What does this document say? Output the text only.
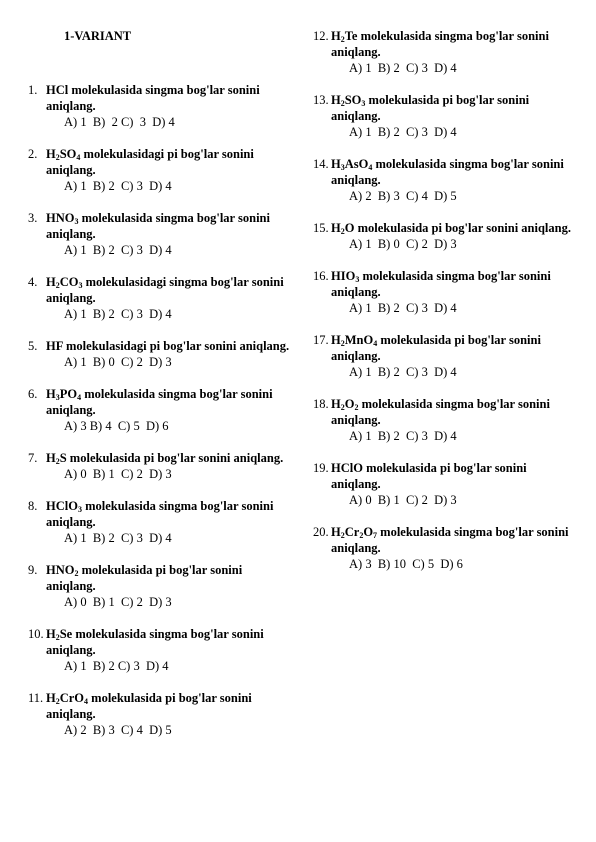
1-VARIANT
1. HCl molekulasida singma bog'lar sonini aniqlang.
A) 1  B)  2 C)  3  D) 4
2. $H_2SO_4$ molekulasidagi pi bog'lar sonini aniqlang.
A) 1  B) 2  C) 3  D) 4
3. $HNO_3$ molekulasida singma bog'lar sonini aniqlang.
A) 1  B) 2  C) 3  D) 4
4. $H_2CO_3$ molekulasidagi singma bog'lar sonini aniqlang.
A) 1  B) 2  C) 3  D) 4
5. HF molekulasidagi pi bog'lar sonini aniqlang.
A) 1  B) 0  C) 2  D) 3
6. $H_3PO_4$ molekulasida singma bog'lar sonini aniqlang.
A) 3 B) 4  C) 5  D) 6
7. $H_2S$ molekulasida pi bog'lar sonini aniqlang.
A) 0  B) 1  C) 2  D) 3
8. HClO$_3$ molekulasida singma bog'lar sonini aniqlang.
A) 1  B) 2  C) 3  D) 4
9. $HNO_2$ molekulasida pi bog'lar sonini aniqlang.
A) 0  B) 1  C) 2  D) 3
10. $H_2Se$ molekulasida singma bog'lar sonini aniqlang.
A) 1  B) 2 C) 3  D) 4
11. $H_2CrO_4$ molekulasida pi bog'lar sonini aniqlang.
A) 2  B) 3  C) 4  D) 5
12. $H_2Te$ molekulasida singma bog'lar sonini aniqlang.
A) 1  B) 2  C) 3  D) 4
13. $H_2SO_3$ molekulasida pi bog'lar sonini aniqlang.
A) 1  B) 2  C) 3  D) 4
14. $H_3AsO_4$ molekulasida singma bog'lar sonini aniqlang.
A) 2  B) 3  C) 4  D) 5
15. $H_2O$ molekulasida pi bog'lar sonini aniqlang.
A) 1  B) 0  C) 2  D) 3
16. $HIO_3$ molekulasida singma bog'lar sonini aniqlang.
A) 1  B) 2  C) 3  D) 4
17. $H_2MnO_4$ molekulasida pi bog'lar sonini aniqlang.
A) 1  B) 2  C) 3  D) 4
18. $H_2O_2$ molekulasida singma bog'lar sonini aniqlang.
A) 1  B) 2  C) 3  D) 4
19. HClO molekulasida pi bog'lar sonini aniqlang.
A) 0  B) 1  C) 2  D) 3
20. $H_2Cr_2O_7$ molekulasida singma bog'lar sonini aniqlang.
A) 3  B) 10  C) 5  D) 6
